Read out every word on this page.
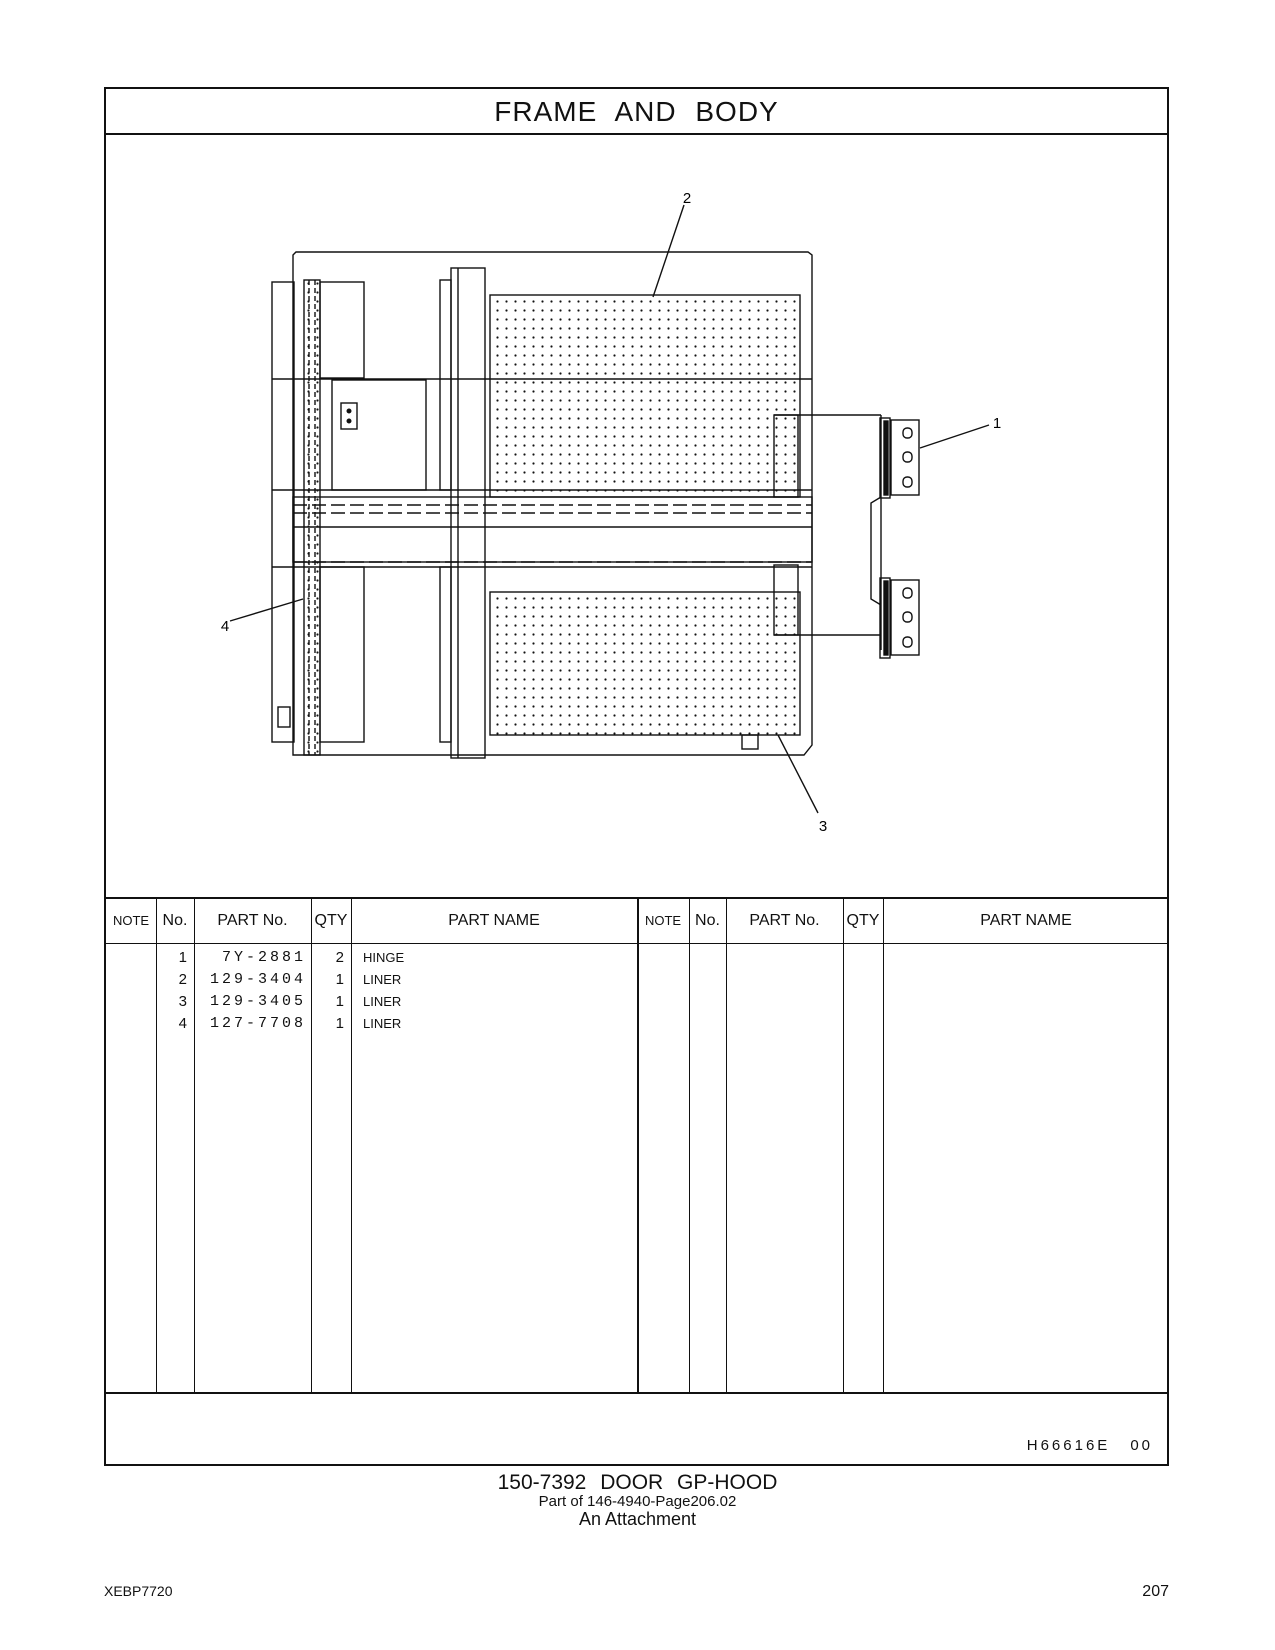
FRAME AND BODY
2
1
4
3
NOTE No.	PART No.	QTY	PART NAME	NOTE No.	PART No.	QTY	PART NAME
1	7Y-2881	2 HINGE
2	129-3404	1 LINER
3	129-3405	1 LINER
4	127-7708	1 LINER
H66616E 00
150-7392 DOOR GP-HOOD
Part of 146-4940-Page206.02
An Attachment
XEBP7720	207
